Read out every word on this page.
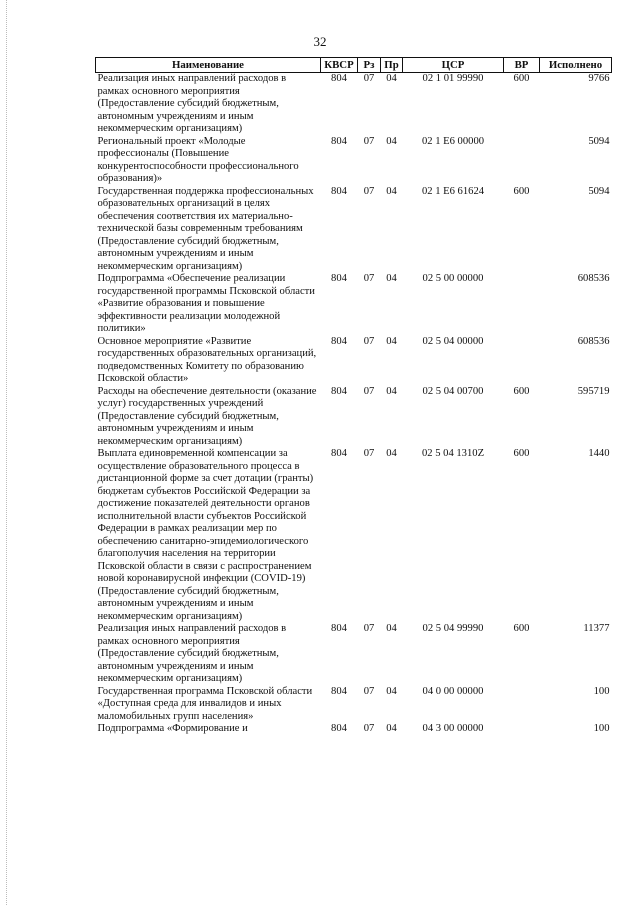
32
Наименование	КВСР	Рз	Пр	ЦСР	ВР	Исполнено
Реализация иных направлений расходов в рамках основного мероприятия (Предоставление субсидий бюджетным, автономным учреждениям и иным некоммерческим организациям)	804	07	04	02 1 01 99990	600	9766
Региональный проект «Молодые профессионалы (Повышение конкурентоспособности профессионального образования)»	804	07	04	02 1 E6 00000		5094
Государственная поддержка профессиональных образовательных организаций в целях обеспечения соответствия их материально-технической базы современным требованиям (Предоставление субсидий бюджетным, автономным учреждениям и иным некоммерческим организациям)	804	07	04	02 1 E6 61624	600	5094
Подпрограмма «Обеспечение реализации государственной программы Псковской области «Развитие образования и повышение эффективности реализации молодежной политики»	804	07	04	02 5 00 00000		608536
Основное мероприятие «Развитие государственных образовательных организаций, подведомственных Комитету по образованию Псковской области»	804	07	04	02 5 04 00000		608536
Расходы на обеспечение деятельности (оказание услуг) государственных учреждений (Предоставление субсидий бюджетным, автономным учреждениям и иным некоммерческим организациям)	804	07	04	02 5 04 00700	600	595719
Выплата единовременной компенсации за осуществление образовательного процесса в дистанционной форме за счет дотации (гранты) бюджетам субъектов Российской Федерации за достижение показателей деятельности органов исполнительной власти субъектов Российской Федерации в рамках реализации мер по обеспечению санитарно-эпидемиологического благополучия населения на территории Псковской области в связи с распространением новой коронавирусной инфекции (COVID-19) (Предоставление субсидий бюджетным, автономным учреждениям и иным некоммерческим организациям)	804	07	04	02 5 04 1310Z	600	1440
Реализация иных направлений расходов в рамках основного мероприятия (Предоставление субсидий бюджетным, автономным учреждениям и иным некоммерческим организациям)	804	07	04	02 5 04 99990	600	11377
Государственная программа Псковской области «Доступная среда для инвалидов и иных маломобильных групп населения»	804	07	04	04 0 00 00000		100
Подпрограмма «Формирование и	804	07	04	04 3 00 00000		100
